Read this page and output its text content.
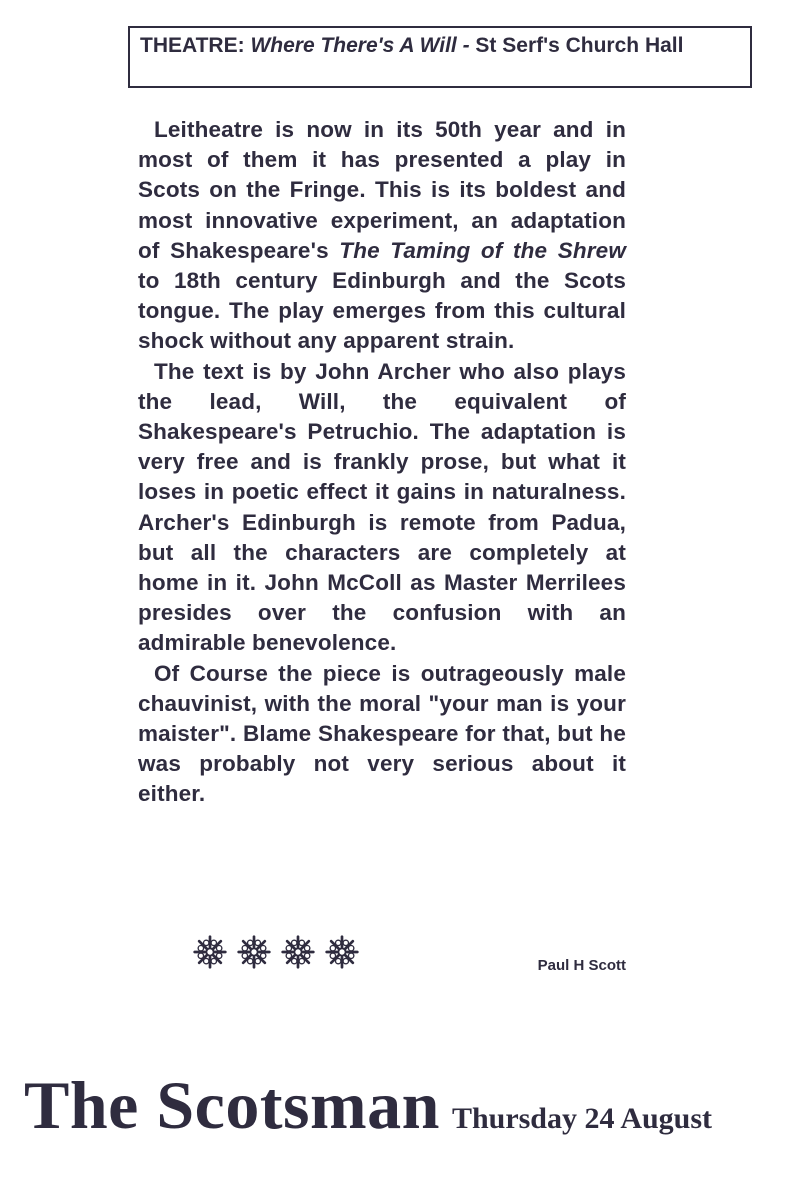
THEATRE: Where There's A Will - St Serf's Church Hall

Leitheatre is now in its 50th year and in most of them it has presented a play in Scots on the Fringe. This is its boldest and most innovative experiment, an adaptation of Shakespeare's The Taming of the Shrew to 18th century Edinburgh and the Scots tongue. The play emerges from this cultural shock without any apparent strain.

The text is by John Archer who also plays the lead, Will, the equivalent of Shakespeare's Petruchio. The adaptation is very free and is frankly prose, but what it loses in poetic effect it gains in naturalness. Archer's Edinburgh is remote from Padua, but all the characters are completely at home in it. John McColl as Master Merrilees presides over the confusion with an admirable benevolence.

Of Course the piece is outrageously male chauvinist, with the moral "your man is your maister". Blame Shakespeare for that, but he was probably not very serious about it either.

Paul H Scott
The Scotsman Thursday 24 August
